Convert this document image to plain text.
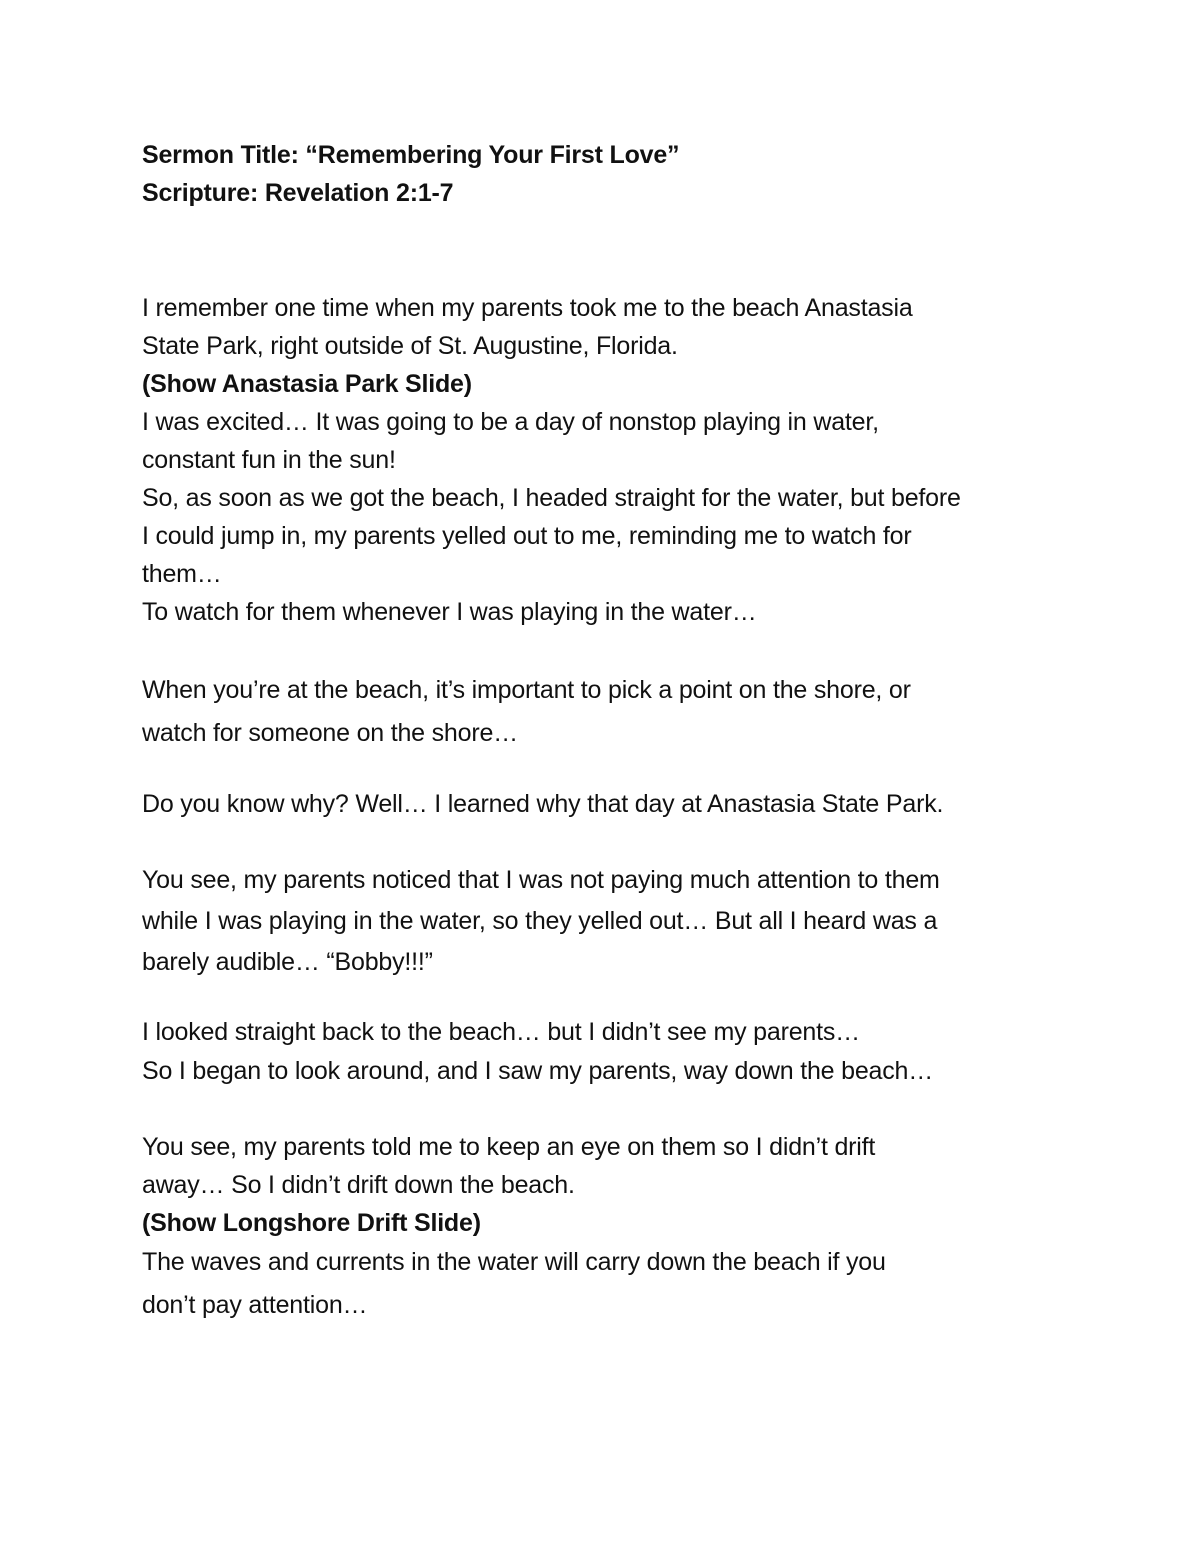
Sermon Title: “Remembering Your First Love”

Scripture: Revelation 2:1-7

I remember one time when my parents took me to the beach Anastasia

State Park, right outside of St. Augustine, Florida.

(Show Anastasia Park Slide)

I was excited… It was going to be a day of nonstop playing in water,

constant fun in the sun!

So, as soon as we got the beach, I headed straight for the water, but before

I could jump in, my parents yelled out to me, reminding me to watch for

them…

To watch for them whenever I was playing in the water…

When you’re at the beach, it’s important to pick a point on the shore, or

watch for someone on the shore…

Do you know why? Well… I learned why that day at Anastasia State Park.

You see, my parents noticed that I was not paying much attention to them

while I was playing in the water, so they yelled out… But all I heard was a

barely audible… “Bobby!!!”

I looked straight back to the beach… but I didn’t see my parents…

So I began to look around, and I saw my parents, way down the beach…

You see, my parents told me to keep an eye on them so I didn’t drift

away… So I didn’t drift down the beach.

(Show Longshore Drift Slide)

The waves and currents in the water will carry down the beach if you

don’t pay attention…
